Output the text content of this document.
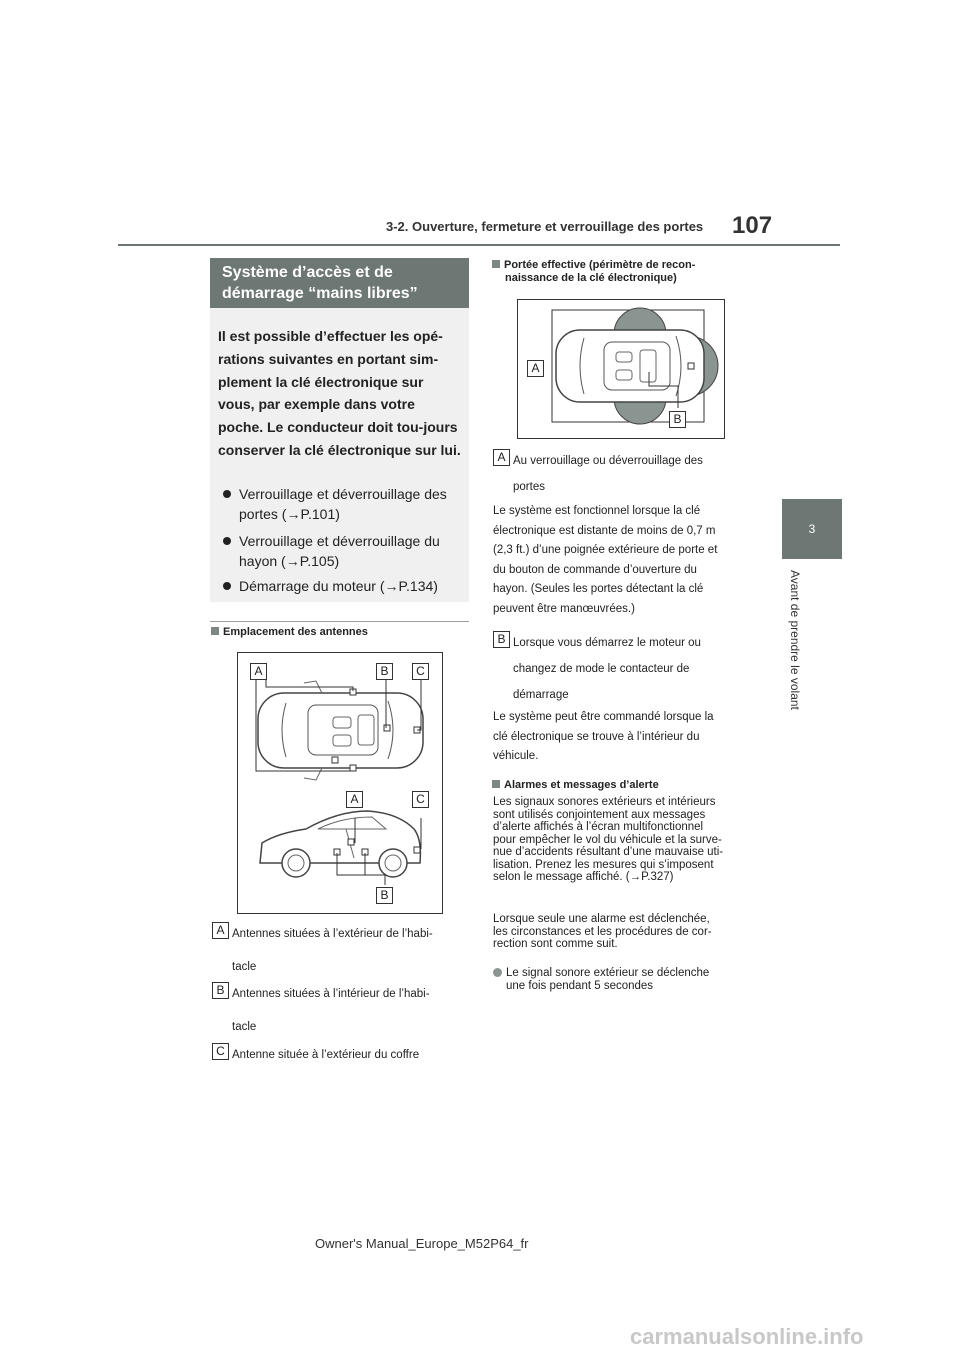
3-2. Ouverture, fermeture et verrouillage des portes 107
3
Avant de prendre le volant
Système d’accès et de
démarrage “mains libres”
Il est possible d’effectuer les opé-rations suivantes en portant sim-plement la clé électronique sur vous, par exemple dans votre poche. Le conducteur doit tou-jours conserver la clé électronique sur lui.
Verrouillage et déverrouillage des
portes (→P.101)
Verrouillage et déverrouillage du
hayon (→P.105)
Démarrage du moteur (→P.134)
Emplacement des antennes
A	B	C
A	C
B
A Antennes situées à l’extérieur de l’habi-
tacle
B Antennes situées à l’intérieur de l’habi-
tacle
C Antenne située à l’extérieur du coffre
Portée effective (périmètre de recon-
naissance de la clé électronique)
A
B
A Au verrouillage ou déverrouillage des
portes
Le système est fonctionnel lorsque la clé
électronique est distante de moins de 0,7 m
(2,3 ft.) d’une poignée extérieure de porte et
du bouton de commande d’ouverture du
hayon. (Seules les portes détectant la clé
peuvent être manœuvrées.)
B Lorsque vous démarrez le moteur ou
changez de mode le contacteur de
démarrage
Le système peut être commandé lorsque la
clé électronique se trouve à l’intérieur du
véhicule.
Alarmes et messages d’alerte
Les signaux sonores extérieurs et intérieurs
sont utilisés conjointement aux messages
d’alerte affichés à l’écran multifonctionnel
pour empêcher le vol du véhicule et la surve-
nue d’accidents résultant d’une mauvaise uti-
lisation. Prenez les mesures qui s’imposent
selon le message affiché. (→P.327)
Lorsque seule une alarme est déclenchée,
les circonstances et les procédures de cor-
rection sont comme suit.
Le signal sonore extérieur se déclenche
une fois pendant 5 secondes
Owner's Manual_Europe_M52P64_fr
carmanualsonline.info
